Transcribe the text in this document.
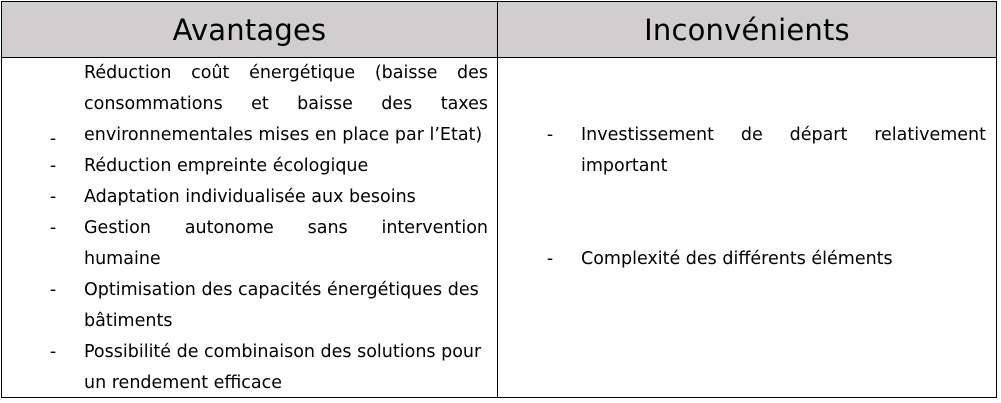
Avantages	Inconvénients
-
Réduction coût énergétique (baisse des
consommations et baisse des taxes
environnementales mises en place par l’Etat)
- Réduction empreinte écologique
- Adaptation individualisée aux besoins
- Gestion autonome sans intervention
humaine
- Optimisation des capacités énergétiques des
bâtiments
- Possibilité de combinaison des solutions pour
un rendement efficace
- Investissement de départ relativement
important
- Complexité des différents éléments
